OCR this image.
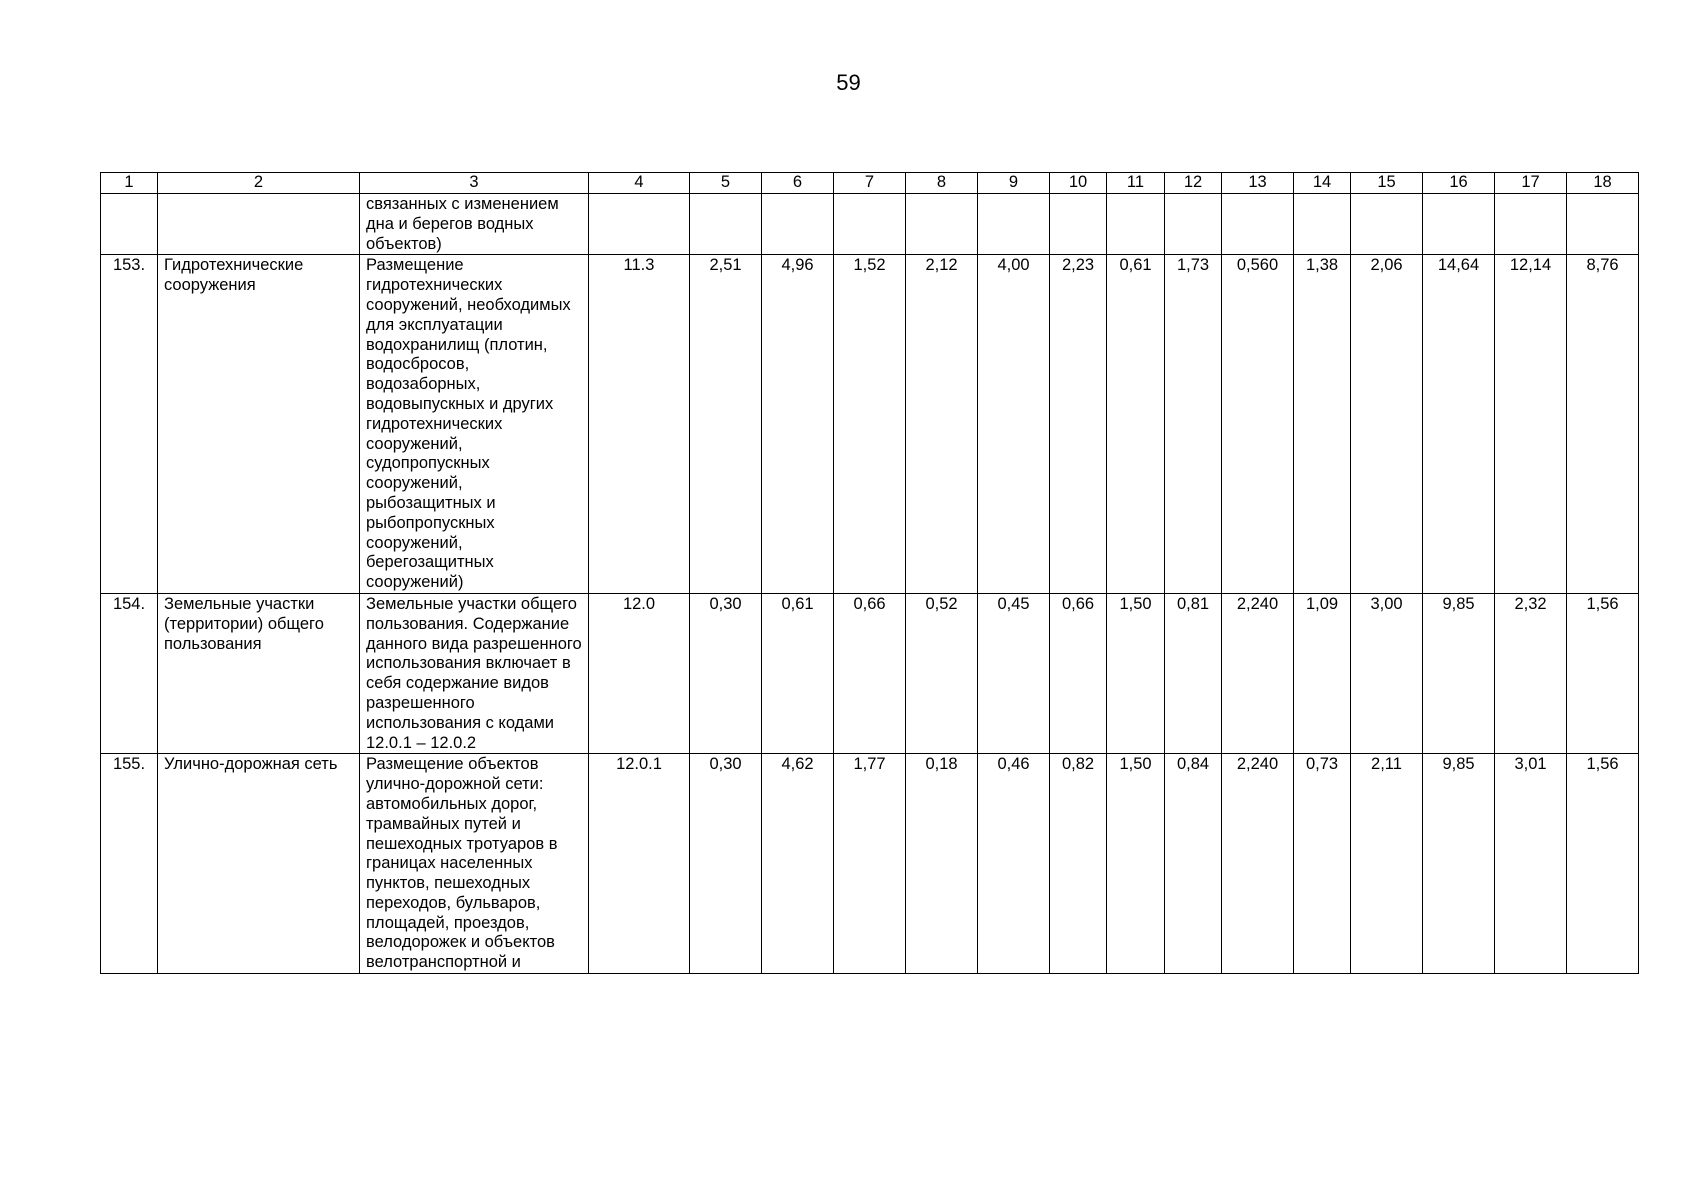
59
1	2	3	4	5	6	7	8	9	10	11	12	13	14	15	16	17	18
		связанных с изменением дна и берегов водных объектов)															
153.	Гидротехнические сооружения	Размещение гидротехнических сооружений, необходимых для эксплуатации водохранилищ (плотин, водосбросов, водозаборных, водовыпускных и других гидротехнических сооружений, судопропускных сооружений, рыбозащитных и рыбопропускных сооружений, берегозащитных сооружений)	11.3	2,51	4,96	1,52	2,12	4,00	2,23	0,61	1,73	0,560	1,38	2,06	14,64	12,14	8,76
154.	Земельные участки (территории) общего пользования	Земельные участки общего пользования. Содержание данного вида разрешенного использования включает в себя содержание видов разрешенного использования с кодами 12.0.1 – 12.0.2	12.0	0,30	0,61	0,66	0,52	0,45	0,66	1,50	0,81	2,240	1,09	3,00	9,85	2,32	1,56
155.	Улично-дорожная сеть	Размещение объектов улично-дорожной сети: автомобильных дорог, трамвайных путей и пешеходных тротуаров в границах населенных пунктов, пешеходных переходов, бульваров, площадей, проездов, велодорожек и объектов велотранспортной и	12.0.1	0,30	4,62	1,77	0,18	0,46	0,82	1,50	0,84	2,240	0,73	2,11	9,85	3,01	1,56
